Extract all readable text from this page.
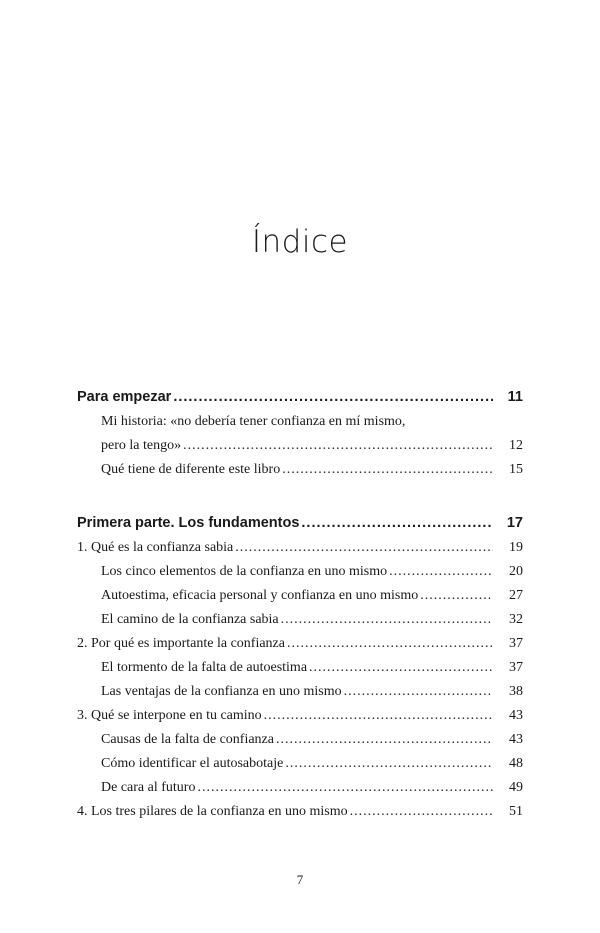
Índice
Para empezar .....	11
Mi historia: «no debería tener confianza en mí mismo,
pero la tengo» .....	12
Qué tiene de diferente este libro .....	15
Primera parte. Los fundamentos .....	17
1. Qué es la confianza sabia .....	19
Los cinco elementos de la confianza en uno mismo .....	20
Autoestima, eficacia personal y confianza en uno mismo .....	27
El camino de la confianza sabia .....	32
2. Por qué es importante la confianza .....	37
El tormento de la falta de autoestima .....	37
Las ventajas de la confianza en uno mismo .....	38
3. Qué se interpone en tu camino .....	43
Causas de la falta de confianza .....	43
Cómo identificar el autosabotaje .....	48
De cara al futuro .....	49
4. Los tres pilares de la confianza en uno mismo .....	51
7
